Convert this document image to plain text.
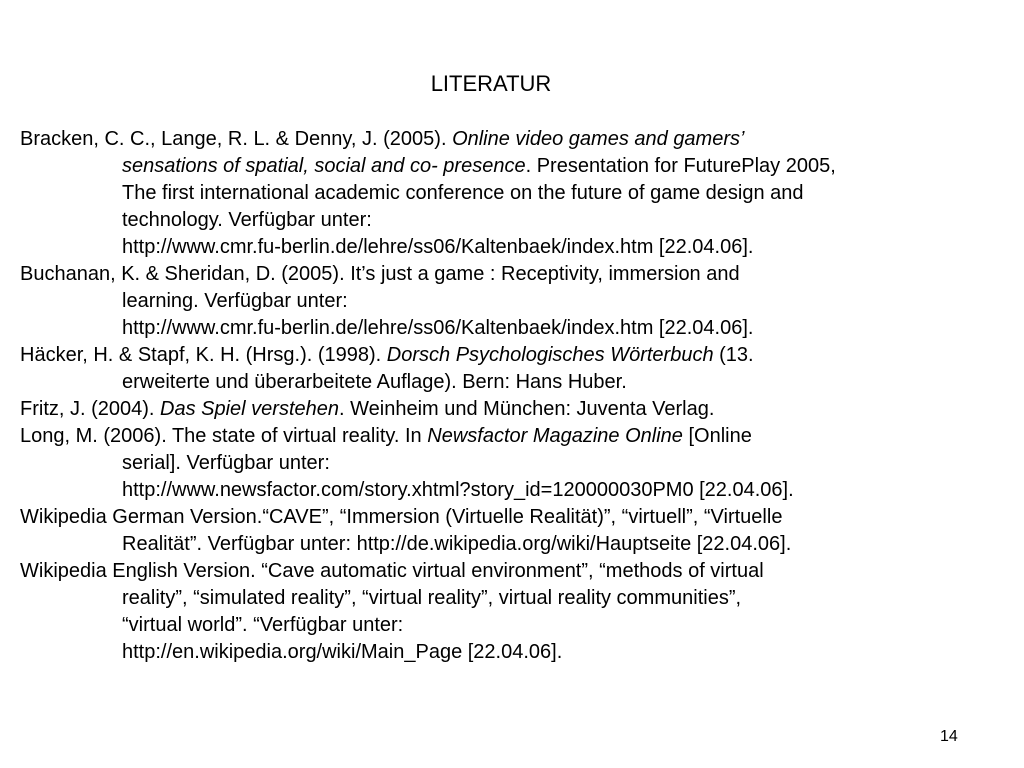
LITERATUR
Bracken, C. C., Lange, R. L. & Denny, J. (2005). Online video games and gamers’
sensations of spatial, social and co- presence. Presentation for FuturePlay 2005,
The first international academic conference on the future of game design and
technology. Verfügbar unter:
http://www.cmr.fu-berlin.de/lehre/ss06/Kaltenbaek/index.htm [22.04.06].
Buchanan, K. & Sheridan, D. (2005). It’s just a game : Receptivity, immersion and
learning. Verfügbar unter:
http://www.cmr.fu-berlin.de/lehre/ss06/Kaltenbaek/index.htm [22.04.06].
Häcker, H. & Stapf, K. H. (Hrsg.). (1998). Dorsch Psychologisches Wörterbuch (13.
erweiterte und überarbeitete Auflage). Bern: Hans Huber.
Fritz, J. (2004). Das Spiel verstehen. Weinheim und München: Juventa Verlag.
Long, M. (2006). The state of virtual reality. In Newsfactor Magazine Online [Online
serial]. Verfügbar unter:
http://www.newsfactor.com/story.xhtml?story_id=120000030PM0 [22.04.06].
Wikipedia German Version.“CAVE”, “Immersion (Virtuelle Realität)”, “virtuell”, “Virtuelle
Realität”. Verfügbar unter: http://de.wikipedia.org/wiki/Hauptseite [22.04.06].
Wikipedia English Version. “Cave automatic virtual environment”, “methods of virtual
reality”, “simulated reality”, “virtual reality”, virtual reality communities”,
“virtual world”. “Verfügbar unter:
http://en.wikipedia.org/wiki/Main_Page [22.04.06].
14
